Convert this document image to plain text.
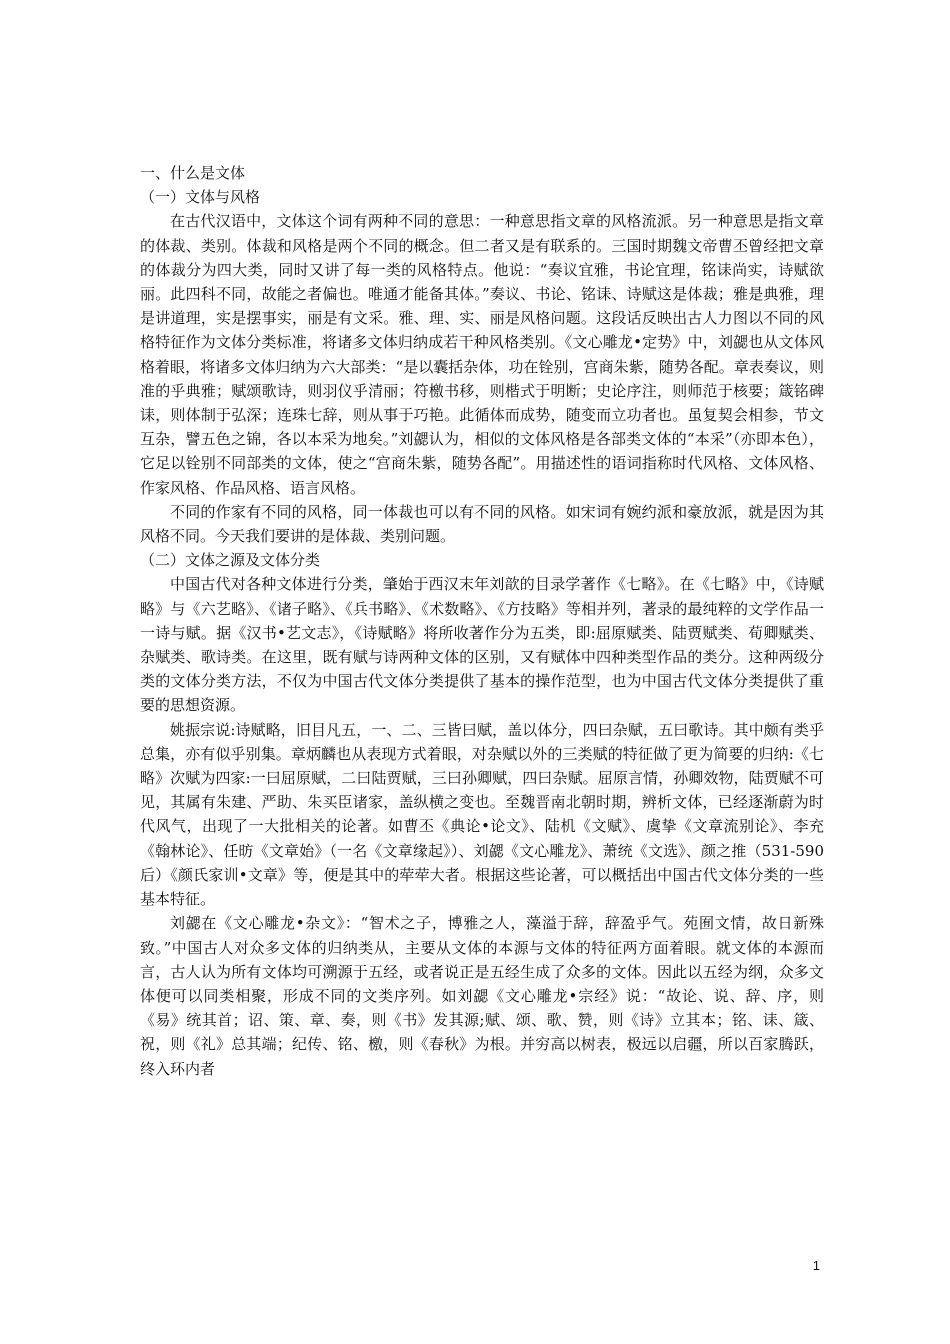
一、什么是文体

（一）文体与风格

在古代汉语中，文体这个词有两种不同的意思：一种意思指文章的风格流派。另一种意思是指文章的体裁、类别。体裁和风格是两个不同的概念。但二者又是有联系的。三国时期魏文帝曹丕曾经把文章的体裁分为四大类，同时又讲了每一类的风格特点。他说：“奏议宜雅，书论宜理，铭诔尚实，诗赋欲丽。此四科不同，故能之者偏也。唯通才能备其体。”奏议、书论、铭诔、诗赋这是体裁；雅是典雅，理是讲道理，实是摆事实，丽是有文采。雅、理、实、丽是风格问题。这段话反映出古人力图以不同的风格特征作为文体分类标准，将诸多文体归纳成若干种风格类别。《文心雕龙•定势》中，刘勰也从文体风格着眼，将诸多文体归纳为六大部类：“是以囊括杂体，功在铨别，宫商朱紫，随势各配。章表奏议，则准的乎典雅；赋颂歌诗，则羽仪乎清丽；符檄书移，则楷式于明断；史论序注，则师范于核要；箴铭碑诔，则体制于弘深；连珠七辞，则从事于巧艳。此循体而成势，随变而立功者也。虽复契会相参，节文互杂，譬五色之锦，各以本采为地矣。”刘勰认为，相似的文体风格是各部类文体的“本采”（亦即本色），它足以铨别不同部类的文体，使之“宫商朱紫，随势各配”。用描述性的语词指称时代风格、文体风格、作家风格、作品风格、语言风格。

不同的作家有不同的风格，同一体裁也可以有不同的风格。如宋词有婉约派和豪放派，就是因为其风格不同。今天我们要讲的是体裁、类别问题。

（二）文体之源及文体分类

中国古代对各种文体进行分类，肇始于西汉末年刘歆的目录学著作《七略》。在《七略》中，《诗赋略》与《六艺略》、《诸子略》、《兵书略》、《术数略》、《方技略》等相并列，著录的最纯粹的文学作品一一诗与赋。据《汉书•艺文志》，《诗赋略》将所收著作分为五类，即:屈原赋类、陆贾赋类、荀卿赋类、杂赋类、歌诗类。在这里，既有赋与诗两种文体的区别，又有赋体中四种类型作品的类分。这种两级分类的文体分类方法，不仅为中国古代文体分类提供了基本的操作范型，也为中国古代文体分类提供了重要的思想资源。

姚振宗说:诗赋略，旧目凡五，一、二、三皆曰赋，盖以体分，四曰杂赋，五曰歌诗。其中颇有类乎总集，亦有似乎别集。章炳麟也从表现方式着眼，对杂赋以外的三类赋的特征做了更为简要的归纳:《七略》次赋为四家:一曰屈原赋，二曰陆贾赋，三曰孙卿赋，四曰杂赋。屈原言情，孙卿效物，陆贾赋不可见，其属有朱建、严助、朱买臣诸家，盖纵横之变也。至魏晋南北朝时期，辨析文体，已经逐渐蔚为时代风气，出现了一大批相关的论著。如曹丕《典论•论文》、陆机《文赋》、虞挚《文章流别论》、李充《翰林论》、任昉《文章始》（一名《文章缘起》）、刘勰《文心雕龙》、萧统《文选》、颜之推（531-590后）《颜氏家训•文章》等，便是其中的荦荦大者。根据这些论著，可以概括出中国古代文体分类的一些基本特征。

刘勰在《文心雕龙•杂文》：“智术之子，博雅之人，藻溢于辞，辞盈乎气。苑囿文情，故日新殊致。”中国古人对众多文体的归纳类从，主要从文体的本源与文体的特征两方面着眼。就文体的本源而言，古人认为所有文体均可溯源于五经，或者说正是五经生成了众多的文体。因此以五经为纲，众多文体便可以同类相聚，形成不同的文类序列。如刘勰《文心雕龙•宗经》说：“故论、说、辞、序，则《易》统其首；诏、策、章、奏，则《书》发其源;赋、颂、歌、赞，则《诗》立其本；铭、诔、箴、祝，则《礼》总其端；纪传、铭、檄，则《春秋》为根。并穷高以树表，极远以启疆，所以百家腾跃，终入环内者

1
